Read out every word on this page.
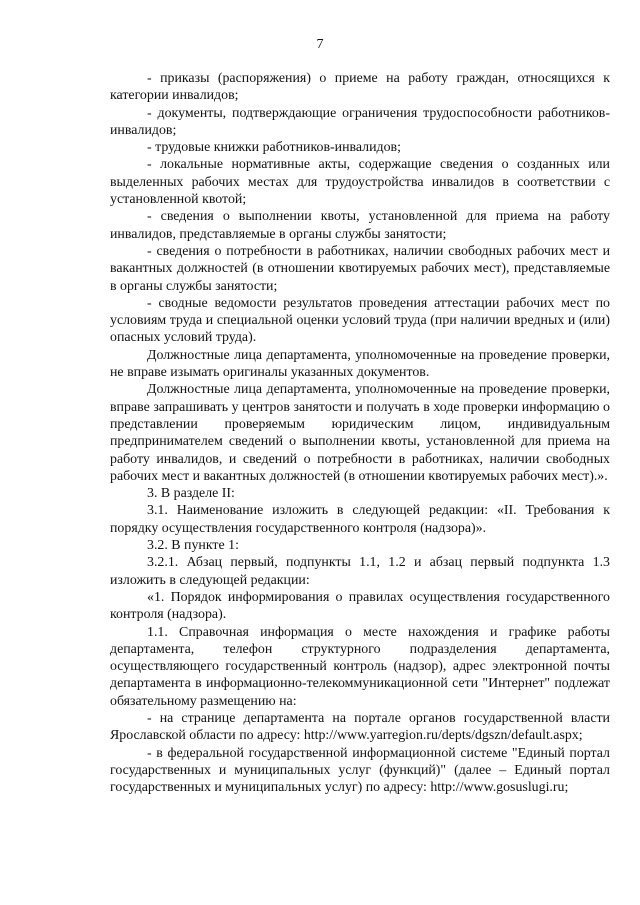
7

- приказы (распоряжения) о приеме на работу граждан, относящихся к категории инвалидов;

- документы, подтверждающие ограничения трудоспособности работников-инвалидов;

- трудовые книжки работников-инвалидов;

- локальные нормативные акты, содержащие сведения о созданных или выделенных рабочих местах для трудоустройства инвалидов в соответствии с установленной квотой;

- сведения о выполнении квоты, установленной для приема на работу инвалидов, представляемые в органы службы занятости;

- сведения о потребности в работниках, наличии свободных рабочих мест и вакантных должностей (в отношении квотируемых рабочих мест), представляемые в органы службы занятости;

- сводные ведомости результатов проведения аттестации рабочих мест по условиям труда и специальной оценки условий труда (при наличии вредных и (или) опасных условий труда).

Должностные лица департамента, уполномоченные на проведение проверки, не вправе изымать оригиналы указанных документов.

Должностные лица департамента, уполномоченные на проведение проверки, вправе запрашивать у центров занятости и получать в ходе проверки информацию о представлении проверяемым юридическим лицом, индивидуальным предпринимателем сведений о выполнении квоты, установленной для приема на работу инвалидов, и сведений о потребности в работниках, наличии свободных рабочих мест и вакантных должностей (в отношении квотируемых рабочих мест).».

3. В разделе II:

3.1. Наименование изложить в следующей редакции: «II. Требования к порядку осуществления государственного контроля (надзора)».

3.2. В пункте 1:

3.2.1. Абзац первый, подпункты 1.1, 1.2 и абзац первый подпункта 1.3 изложить в следующей редакции:

«1. Порядок информирования о правилах осуществления государственного контроля (надзора).

1.1. Справочная информация о месте нахождения и графике работы департамента, телефон структурного подразделения департамента, осуществляющего государственный контроль (надзор), адрес электронной почты департамента в информационно-телекоммуникационной сети "Интернет" подлежат обязательному размещению на:

- на странице департамента на портале органов государственной власти Ярославской области по адресу: http://www.yarregion.ru/depts/dgszn/default.aspx;

- в федеральной государственной информационной системе "Единый портал государственных и муниципальных услуг (функций)" (далее – Единый портал государственных и муниципальных услуг) по адресу: http://www.gosuslugi.ru;
